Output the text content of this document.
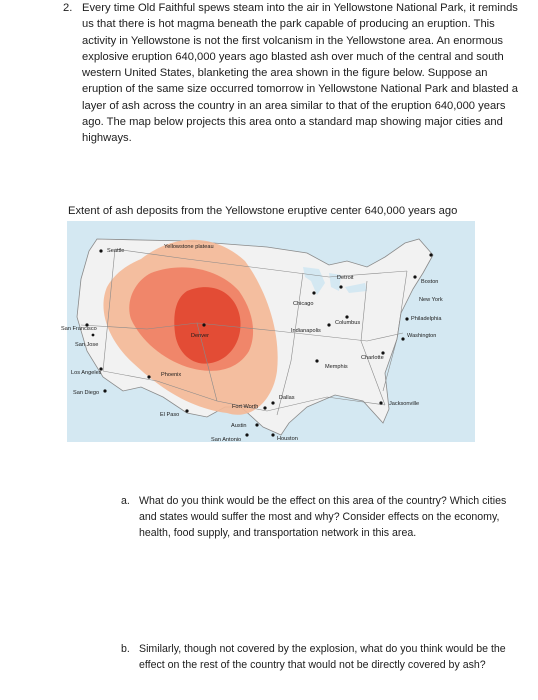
2. Every time Old Faithful spews steam into the air in Yellowstone National Park, it reminds us that there is hot magma beneath the park capable of producing an eruption. This activity in Yellowstone is not the first volcanism in the Yellowstone area. An enormous explosive eruption 640,000 years ago blasted ash over much of the central and south western United States, blanketing the area shown in the figure below. Suppose an eruption of the same size occurred tomorrow in Yellowstone National Park and blasted a layer of ash across the country in an area similar to that of the eruption 640,000 years ago. The map below projects this area onto a standard map showing major cities and highways.
Extent of ash deposits from the Yellowstone eruptive center 640,000 years ago
Yellowstone plateau
Seattle
San Francisco
San Jose
Los Angeles
San Diego
Phoenix
El Paso
Denver
Fort Worth
Dallas
Austin
San Antonio	Houston
Chicago
Detroit
Columbus
Indianapolis
Memphis
Charlotte
Jacksonville
Boston
New York
Philadelphia
Washington
a. What do you think would be the effect on this area of the country? Which cities and states would suffer the most and why? Consider effects on the economy, health, food supply, and transportation network in this area.
b. Similarly, though not covered by the explosion, what do you think would be the effect on the rest of the country that would not be directly covered by ash?
